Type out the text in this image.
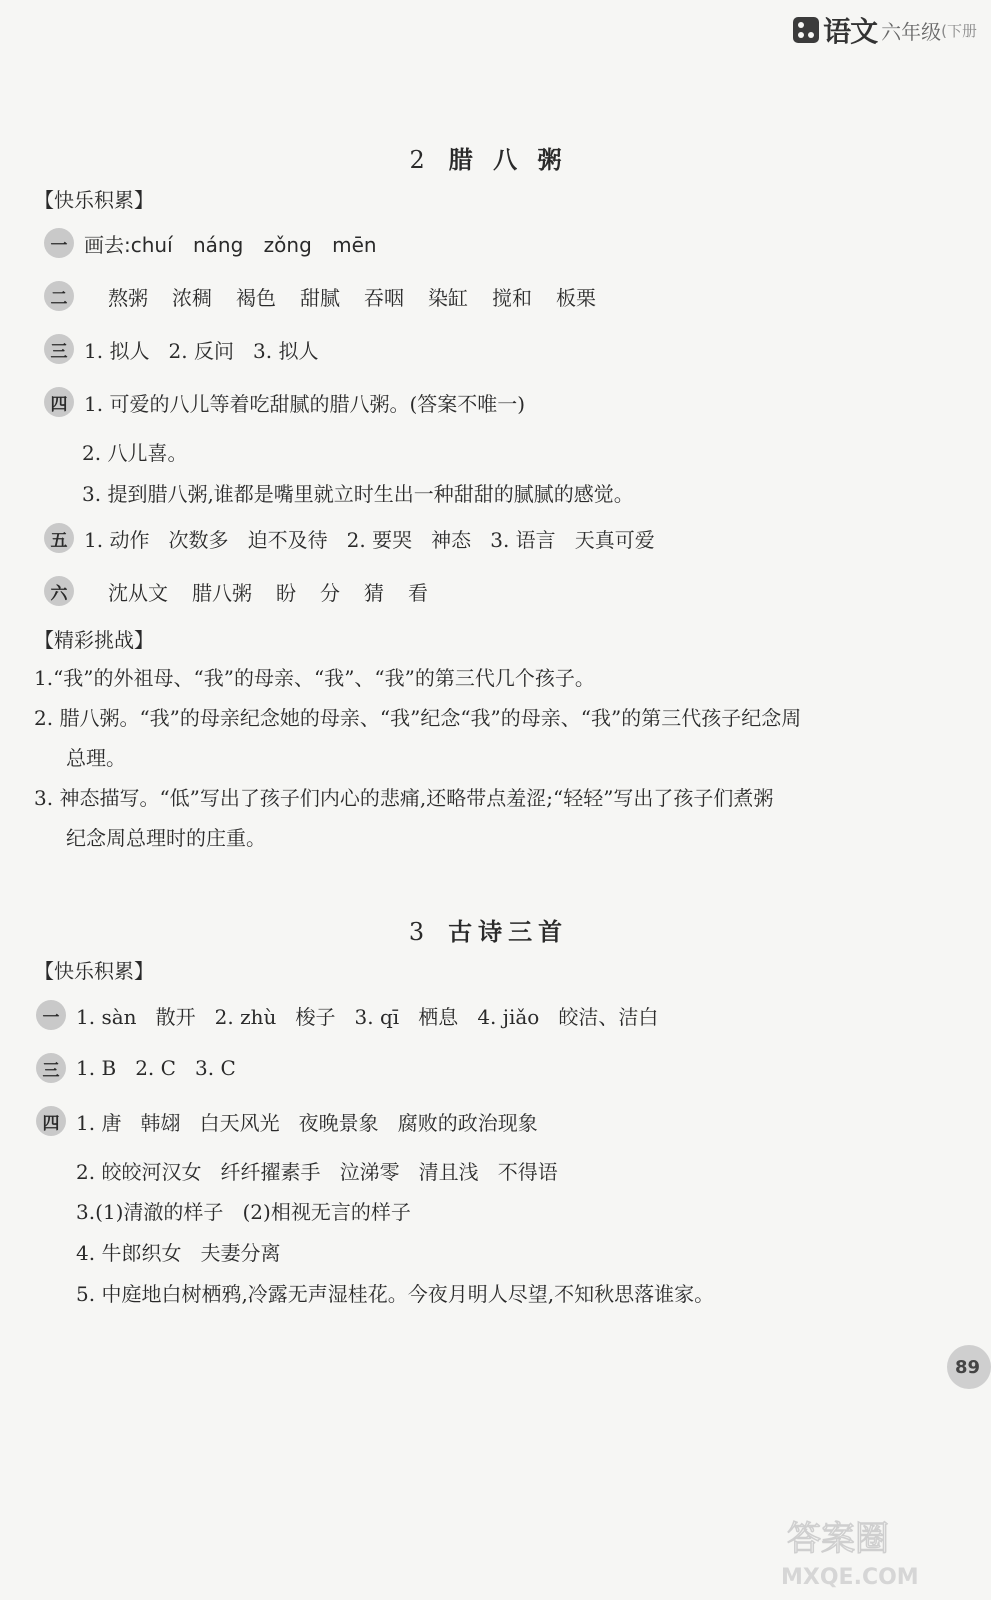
语文 六年级 (下册
2 腊 八 粥
【快乐积累】
一 画去:chuí náng zǒng mēn
二	熬粥 浓稠 褐色 甜腻 吞咽 染缸 搅和 板栗
三 1. 拟人   2. 反问   3. 拟人
四 1. 可爱的八儿等着吃甜腻的腊八粥。(答案不唯一)
2. 八儿喜。
3. 提到腊八粥,谁都是嘴里就立时生出一种甜甜的腻腻的感觉。
五 1. 动作   次数多   迫不及待   2. 要哭   神态   3. 语言   天真可爱
六	沈从文 腊八粥 盼 分 猜 看
【精彩挑战】
1.“我”的外祖母、“我”的母亲、“我”、“我”的第三代几个孩子。
2. 腊八粥。“我”的母亲纪念她的母亲、“我”纪念“我”的母亲、“我”的第三代孩子纪念周
总理。
3. 神态描写。“低”写出了孩子们内心的悲痛,还略带点羞涩;“轻轻”写出了孩子们煮粥
纪念周总理时的庄重。
3 古诗三首
【快乐积累】
一 1. sàn   散开   2. zhù   梭子   3. qī   栖息   4. jiǎo   皎洁、洁白
三 1. B   2. C   3. C
四 1. 唐   韩翃   白天风光   夜晚景象   腐败的政治现象
2. 皎皎河汉女   纤纤擢素手   泣涕零   清且浅   不得语
3.(1)清澈的样子   (2)相视无言的样子
4. 牛郎织女   夫妻分离
5. 中庭地白树栖鸦,冷露无声湿桂花。今夜月明人尽望,不知秋思落谁家。
89
答案圈
MXQE.COM
